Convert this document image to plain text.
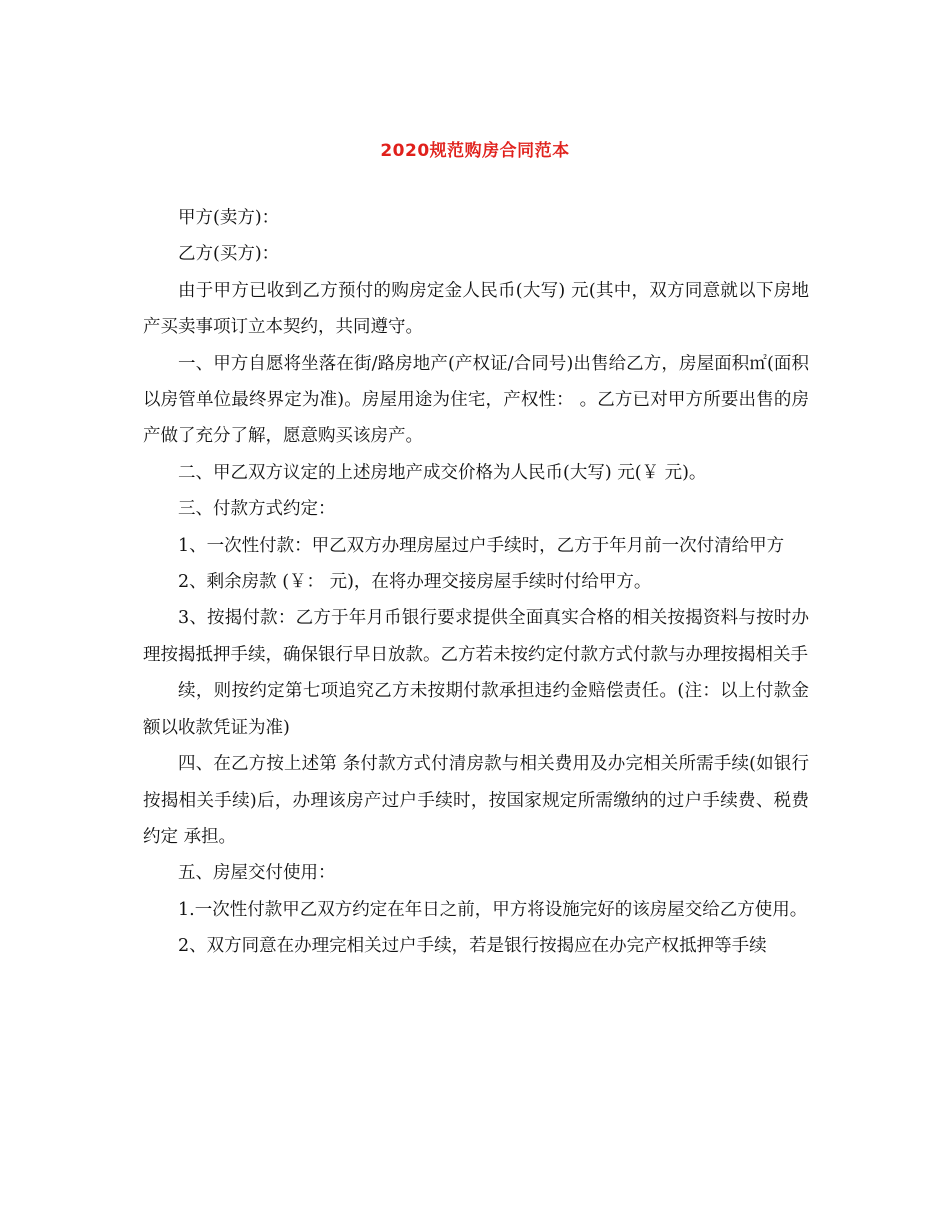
2020规范购房合同范本

甲方(卖方)：

乙方(买方)：

由于甲方已收到乙方预付的购房定金人民币(大写) 元(其中，双方同意就以下房地产买卖事项订立本契约，共同遵守。

一、甲方自愿将坐落在街/路房地产(产权证/合同号)出售给乙方，房屋面积㎡(面积以房管单位最终界定为准)。房屋用途为住宅，产权性： 。乙方已对甲方所要出售的房产做了充分了解，愿意购买该房产。

二、甲乙双方议定的上述房地产成交价格为人民币(大写) 元(￥ 元)。

三、付款方式约定：

1、一次性付款：甲乙双方办理房屋过户手续时，乙方于年月前一次付清给甲方

2、剩余房款 (￥： 元)，在将办理交接房屋手续时付给甲方。

3、按揭付款：乙方于年月币银行要求提供全面真实合格的相关按揭资料与按时办理按揭抵押手续，确保银行早日放款。乙方若未按约定付款方式付款与办理按揭相关手

续，则按约定第七项追究乙方未按期付款承担违约金赔偿责任。(注：以上付款金额以收款凭证为准)

四、在乙方按上述第 条付款方式付清房款与相关费用及办完相关所需手续(如银行按揭相关手续)后，办理该房产过户手续时，按国家规定所需缴纳的过户手续费、税费约定 承担。

五、房屋交付使用：

1.一次性付款甲乙双方约定在年日之前，甲方将设施完好的该房屋交给乙方使用。

2、双方同意在办理完相关过户手续，若是银行按揭应在办完产权抵押等手续
